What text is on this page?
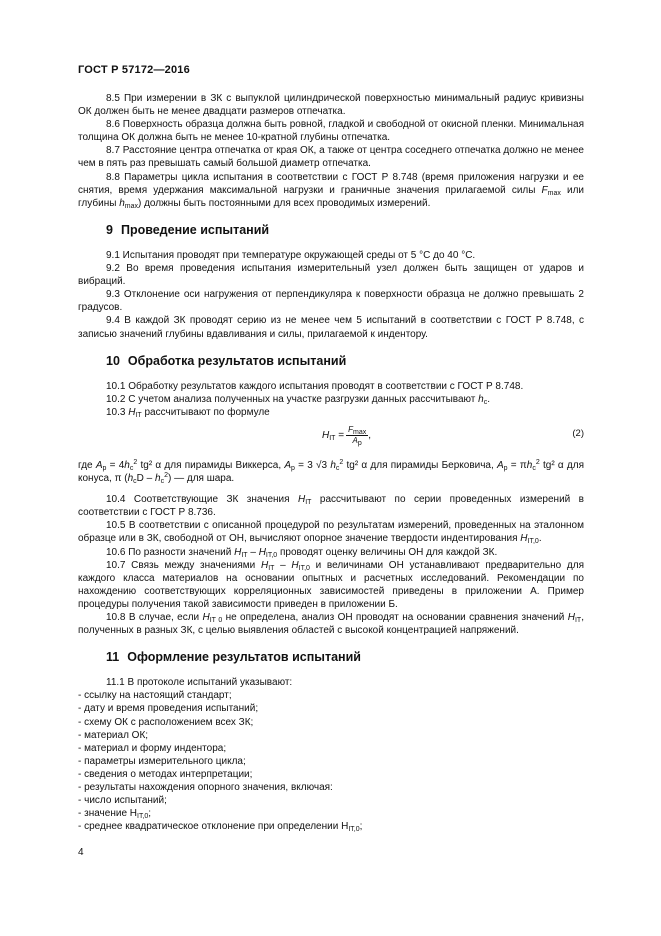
ГОСТ Р 57172—2016

8.5 При измерении в ЗК с выпуклой цилиндрической поверхностью минимальный радиус кривизны ОК должен быть не менее двадцати размеров отпечатка.

8.6 Поверхность образца должна быть ровной, гладкой и свободной от окисной пленки. Минимальная толщина ОК должна быть не менее 10-кратной глубины отпечатка.

8.7 Расстояние центра отпечатка от края ОК, а также от центра соседнего отпечатка должно не менее чем в пять раз превышать самый большой диаметр отпечатка.

8.8 Параметры цикла испытания в соответствии с ГОСТ Р 8.748 (время приложения нагрузки и ее снятия, время удержания максимальной нагрузки и граничные значения прилагаемой силы $F_{max}$ или глубины $h_{max}$) должны быть постоянными для всех проводимых измерений.

9 Проведение испытаний

9.1 Испытания проводят при температуре окружающей среды от 5 °С до 40 °С.

9.2 Во время проведения испытания измерительный узел должен быть защищен от ударов и вибраций.

9.3 Отклонение оси нагружения от перпендикуляра к поверхности образца не должно превышать 2 градусов.

9.4 В каждой ЗК проводят серию из не менее чем 5 испытаний в соответствии с ГОСТ Р 8.748, с записью значений глубины вдавливания и силы, прилагаемой к индентору.

10 Обработка результатов испытаний

10.1 Обработку результатов каждого испытания проводят в соответствии с ГОСТ Р 8.748.

10.2 С учетом анализа полученных на участке разгрузки данных рассчитывают $h_c$.

10.3 $H_{IT}$ рассчитывают по формуле

$H_{IT}$ =
$F_{max}$
$A_p$
,	(2)

где $A_p = 4h_c^2$ tg² α для пирамиды Виккерса, $A_p = 3$ √3 $h_c^2$ tg² α для пирамиды Берковича, $A_p = \pi h_c^2$ tg² α для конуса, π $(h_cD - h_c^2)$ — для шара.

10.4 Соответствующие ЗК значения $H_{IT}$ рассчитывают по серии проведенных измерений в соответствии с ГОСТ Р 8.736.

10.5 В соответствии с описанной процедурой по результатам измерений, проведенных на эталонном образце или в ЗК, свободной от ОН, вычисляют опорное значение твердости индентирования $H_{IT,0}$.

10.6 По разности значений $H_{IT} - H_{IT,0}$ проводят оценку величины ОН для каждой ЗК.

10.7 Связь между значениями $H_{IT} - H_{IT,0}$ и величинами ОН устанавливают предварительно для каждого класса материалов на основании опытных и расчетных исследований. Рекомендации по нахождению соответствующих корреляционных зависимостей приведены в приложении А. Пример процедуры получения такой зависимости приведен в приложении Б.

10.8 В случае, если $H_{IT 0}$ не определена, анализ ОН проводят на основании сравнения значений $H_{IT}$, полученных в разных ЗК, с целью выявления областей с высокой концентрацией напряжений.

11 Оформление результатов испытаний

11.1 В протоколе испытаний указывают:

- ссылку на настоящий стандарт;

- дату и время проведения испытаний;

- схему ОК с расположением всех ЗК;

- материал ОК;

- материал и форму индентора;

- параметры измерительного цикла;

- сведения о методах интерпретации;

- результаты нахождения опорного значения, включая:

- число испытаний;

- значение $H_{IT,0}$;

- среднее квадратическое отклонение при определении $H_{IT,0}$;

4
